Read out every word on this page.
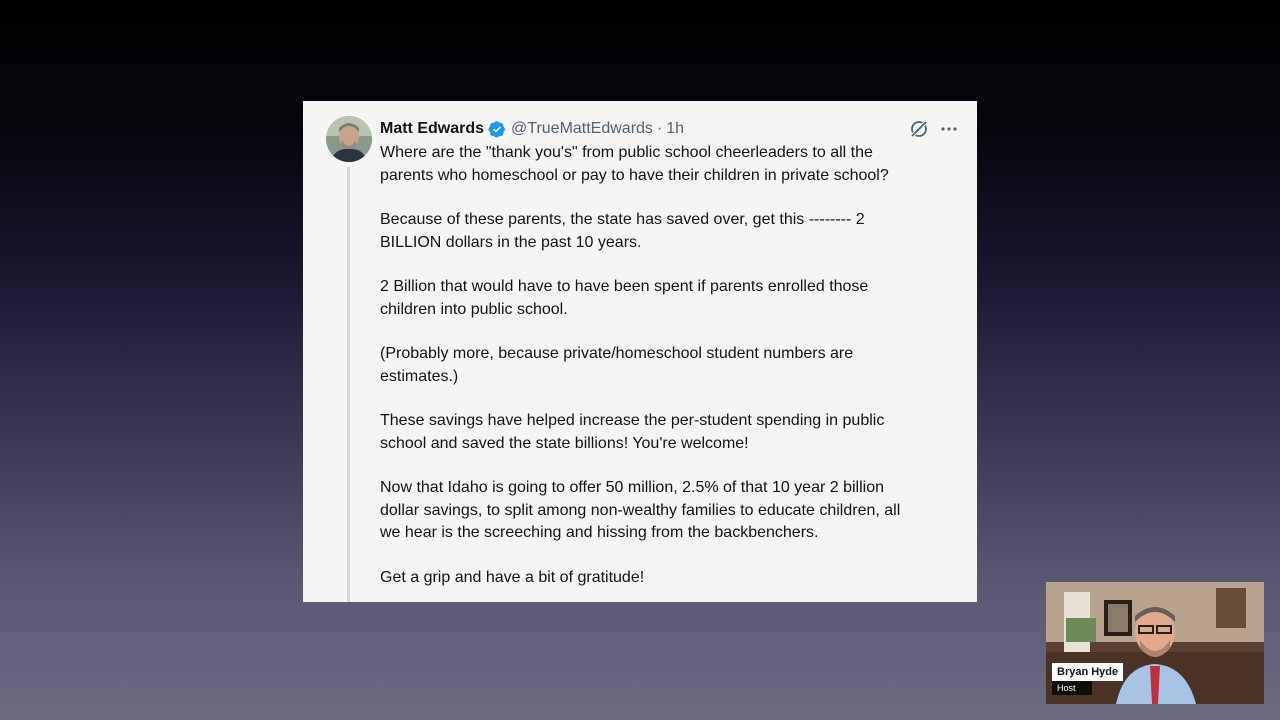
Matt Edwards @TrueMattEdwards · 1h

Where are the "thank you's" from public school cheerleaders to all the
parents who homeschool or pay to have their children in private school?

Because of these parents, the state has saved over, get this -------- 2
BILLION dollars in the past 10 years.

2 Billion that would have to have been spent if parents enrolled those
children into public school.

(Probably more, because private/homeschool student numbers are
estimates.)

These savings have helped increase the per-student spending in public
school and saved the state billions! You're welcome!

Now that Idaho is going to offer 50 million, 2.5% of that 10 year 2 billion
dollar savings, to split among non-wealthy families to educate children, all
we hear is the screeching and hissing from the backbenchers.

Get a grip and have a bit of gratitude!

Bryan Hyde
Host
